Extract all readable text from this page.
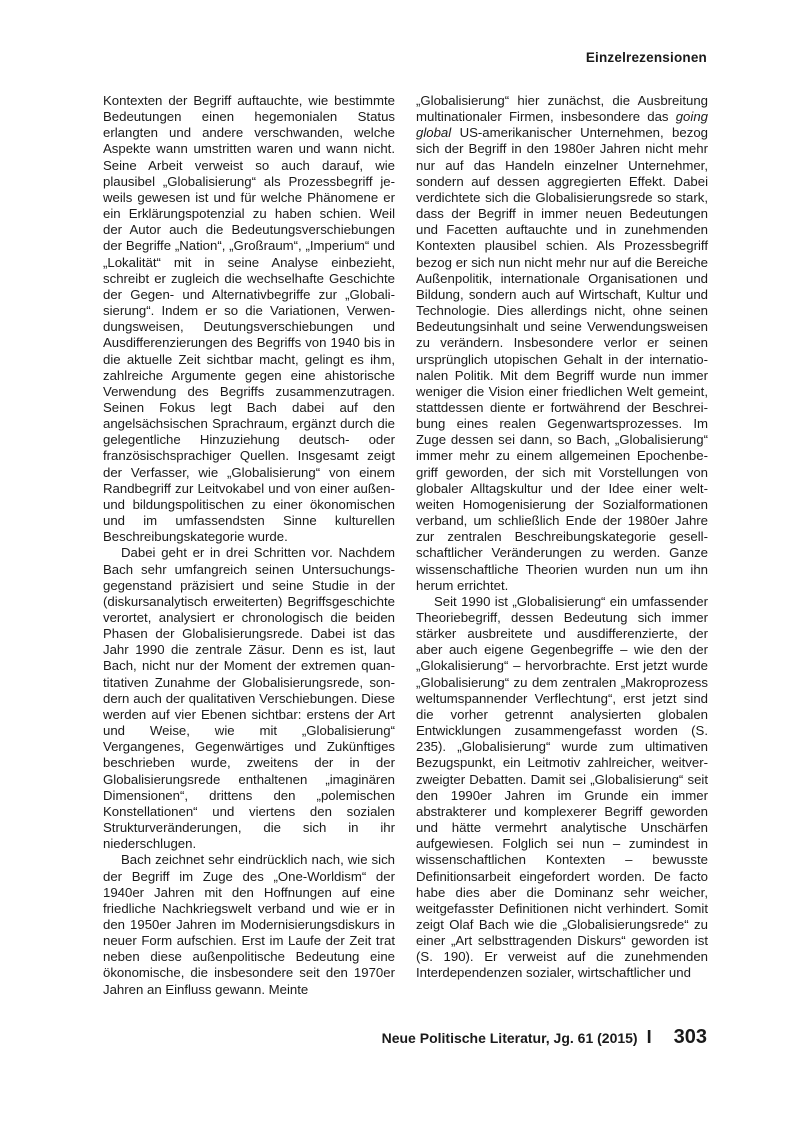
Einzelrezensionen

Kontexten der Begriff auftauchte, wie bestimmte Bedeutungen einen hegemonialen Status erlangten und andere verschwanden, welche Aspekte wann umstritten waren und wann nicht. Seine Arbeit verweist so auch darauf, wie plausibel „Globalisierung“ als Prozessbegriff jeweils gewesen ist und für welche Phänomene er ein Erklärungspotenzial zu haben schien. Weil der Autor auch die Bedeutungsverschiebungen der Begriffe „Nation“, „Großraum“, „Imperium“ und „Lokalität“ mit in seine Analyse einbezieht, schreibt er zugleich die wechselhafte Geschichte der Gegen- und Alternativbegriffe zur „Globalisierung“. Indem er so die Variationen, Verwendungsweisen, Deutungsverschiebungen und Ausdifferenzierungen des Begriffs von 1940 bis in die aktuelle Zeit sichtbar macht, gelingt es ihm, zahlreiche Argumente gegen eine ahistorische Verwendung des Begriffs zusammenzutragen. Seinen Fokus legt Bach dabei auf den angelsächsischen Sprachraum, ergänzt durch die gelegentliche Hinzuziehung deutsch- oder französischsprachiger Quellen. Insgesamt zeigt der Verfasser, wie „Globalisierung“ von einem Randbegriff zur Leitvokabel und von einer außen- und bildungspolitischen zu einer ökonomischen und im umfassendsten Sinne kulturellen Beschreibungskategorie wurde.

Dabei geht er in drei Schritten vor. Nachdem Bach sehr umfangreich seinen Untersuchungsgegenstand präzisiert und seine Studie in der (diskursanalytisch erweiterten) Begriffsgeschichte verortet, analysiert er chronologisch die beiden Phasen der Globalisierungsrede. Dabei ist das Jahr 1990 die zentrale Zäsur. Denn es ist, laut Bach, nicht nur der Moment der extremen quantitativen Zunahme der Globalisierungsrede, sondern auch der qualitativen Verschiebungen. Diese werden auf vier Ebenen sichtbar: erstens der Art und Weise, wie mit „Globalisierung“ Vergangenes, Gegenwärtiges und Zukünftiges beschrieben wurde, zweitens der in der Globalisierungsrede enthaltenen „imaginären Dimensionen“, drittens den „polemischen Konstellationen“ und viertens den sozialen Strukturveränderungen, die sich in ihr niederschlugen.

Bach zeichnet sehr eindrücklich nach, wie sich der Begriff im Zuge des „One-Worldism“ der 1940er Jahren mit den Hoffnungen auf eine friedliche Nachkriegswelt verband und wie er in den 1950er Jahren im Modernisierungsdiskurs in neuer Form aufschien. Erst im Laufe der Zeit trat neben diese außenpolitische Bedeutung eine ökonomische, die insbesondere seit den 1970er Jahren an Einfluss gewann. Meinte

„Globalisierung“ hier zunächst, die Ausbreitung multinationaler Firmen, insbesondere das going global US-amerikanischer Unternehmen, bezog sich der Begriff in den 1980er Jahren nicht mehr nur auf das Handeln einzelner Unternehmer, sondern auf dessen aggregierten Effekt. Dabei verdichtete sich die Globalisierungsrede so stark, dass der Begriff in immer neuen Bedeutungen und Facetten auftauchte und in zunehmenden Kontexten plausibel schien. Als Prozessbegriff bezog er sich nun nicht mehr nur auf die Bereiche Außenpolitik, internationale Organisationen und Bildung, sondern auch auf Wirtschaft, Kultur und Technologie. Dies allerdings nicht, ohne seinen Bedeutungsinhalt und seine Verwendungsweisen zu verändern. Insbesondere verlor er seinen ursprünglich utopischen Gehalt in der internationalen Politik. Mit dem Begriff wurde nun immer weniger die Vision einer friedlichen Welt gemeint, stattdessen diente er fortwährend der Beschreibung eines realen Gegenwartsprozesses. Im Zuge dessen sei dann, so Bach, „Globalisierung“ immer mehr zu einem allgemeinen Epochenbegriff geworden, der sich mit Vorstellungen von globaler Alltagskultur und der Idee einer weltweiten Homogenisierung der Sozialformationen verband, um schließlich Ende der 1980er Jahre zur zentralen Beschreibungskategorie gesellschaftlicher Veränderungen zu werden. Ganze wissenschaftliche Theorien wurden nun um ihn herum errichtet.

Seit 1990 ist „Globalisierung“ ein umfassender Theoriebegriff, dessen Bedeutung sich immer stärker ausbreitete und ausdifferenzierte, der aber auch eigene Gegenbegriffe – wie den der „Glokalisierung“ – hervorbrachte. Erst jetzt wurde „Globalisierung“ zu dem zentralen „Makroprozess weltumspannender Verflechtung“, erst jetzt sind die vorher getrennt analysierten globalen Entwicklungen zusammengefasst worden (S. 235). „Globalisierung“ wurde zum ultimativen Bezugspunkt, ein Leitmotiv zahlreicher, weitverzweigter Debatten. Damit sei „Globalisierung“ seit den 1990er Jahren im Grunde ein immer abstrakterer und komplexerer Begriff geworden und hätte vermehrt analytische Unschärfen aufgewiesen. Folglich sei nun – zumindest in wissenschaftlichen Kontexten – bewusste Definitionsarbeit eingefordert worden. De facto habe dies aber die Dominanz sehr weicher, weitgefasster Definitionen nicht verhindert. Somit zeigt Olaf Bach wie die „Globalisierungsrede“ zu einer „Art selbsttragenden Diskurs“ geworden ist (S. 190). Er verweist auf die zunehmenden Interdependenzen sozialer, wirtschaftlicher und

Neue Politische Literatur, Jg. 61 (2015) I 303
